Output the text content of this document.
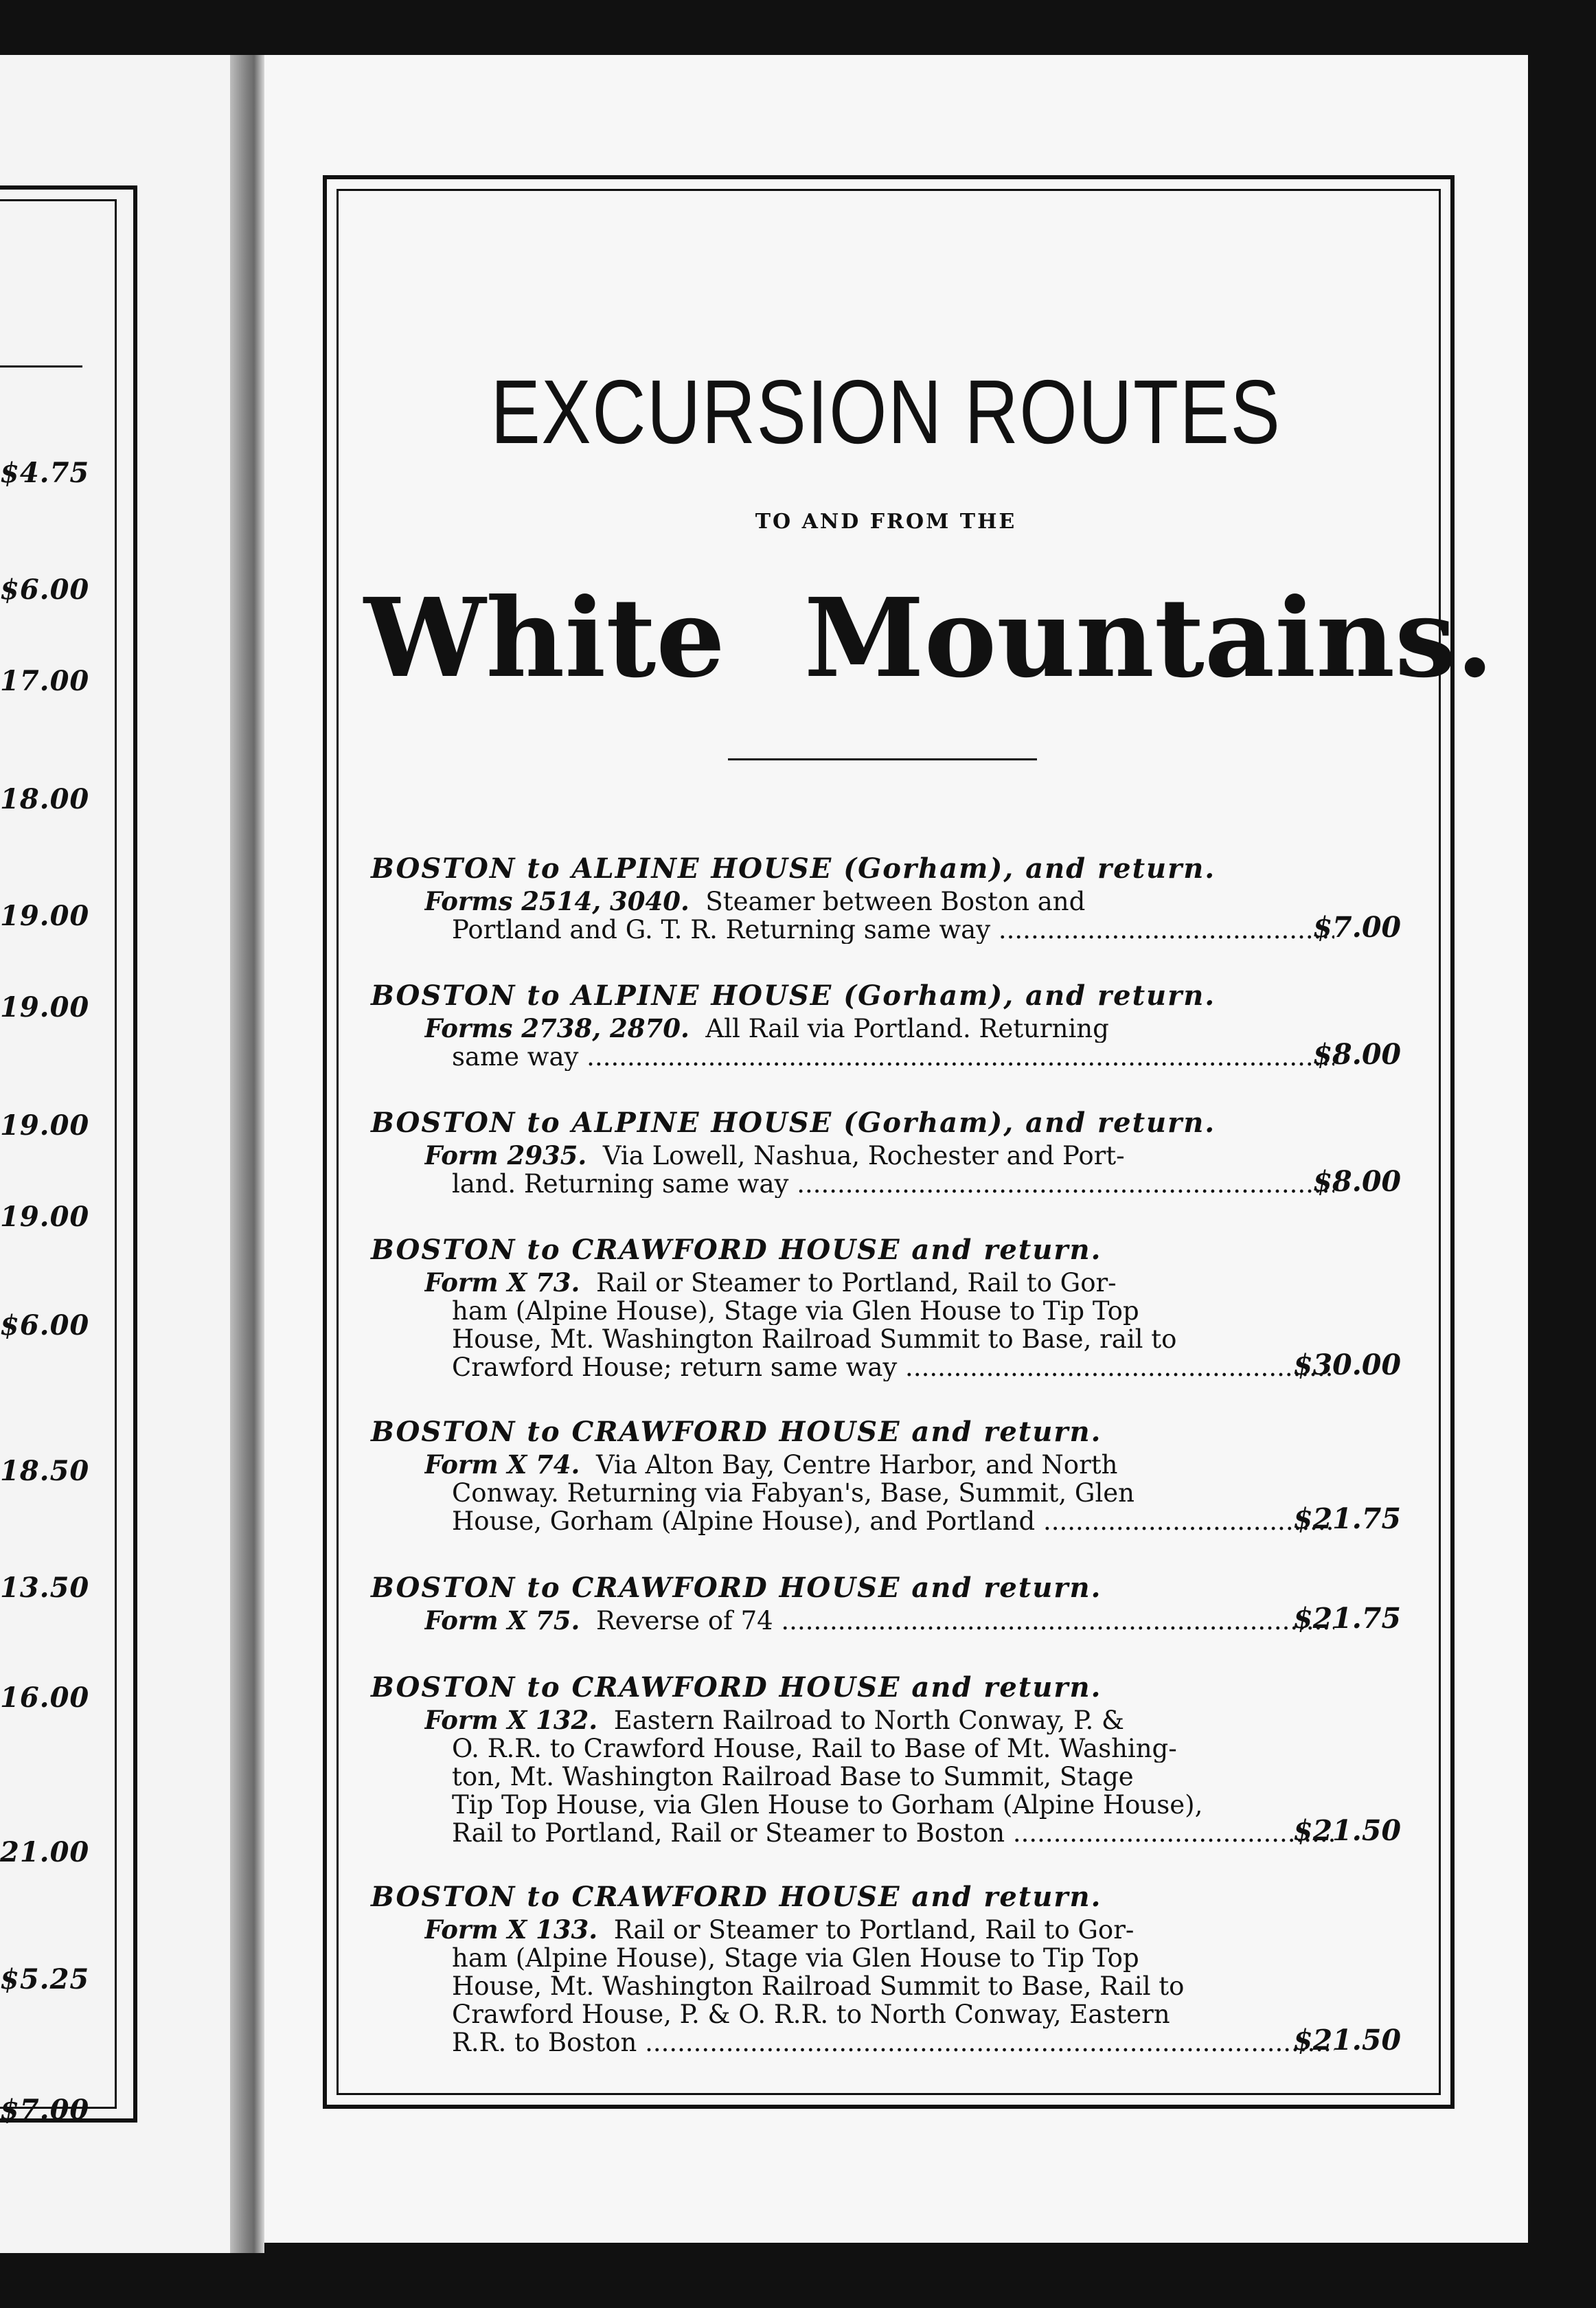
$4.75
$6.00
17.00
18.00
19.00
19.00
19.00
19.00
$6.00
18.50
13.50
16.00
21.00
$5.25
$7.00
EXCURSION ROUTES
TO AND FROM THE
White Mountains.
BOSTON to ALPINE HOUSE (Gorham), and return.
Forms 2514, 3040. Steamer between Boston and
Portland and G. T. R. Returning same way .....	$7.00
BOSTON to ALPINE HOUSE (Gorham), and return.
Forms 2738, 2870. All Rail via Portland. Returning
same way .....	$8.00
BOSTON to ALPINE HOUSE (Gorham), and return.
Form 2935. Via Lowell, Nashua, Rochester and Port-
land. Returning same way .....	$8.00
BOSTON to CRAWFORD HOUSE and return.
Form X 73. Rail or Steamer to Portland, Rail to Gor-
ham (Alpine House), Stage via Glen House to Tip Top
House, Mt. Washington Railroad Summit to Base, rail to
Crawford House; return same way .....	$30.00
BOSTON to CRAWFORD HOUSE and return.
Form X 74. Via Alton Bay, Centre Harbor, and North
Conway. Returning via Fabyan's, Base, Summit, Glen
House, Gorham (Alpine House), and Portland .....	$21.75
BOSTON to CRAWFORD HOUSE and return.
Form X 75. Reverse of 74 .....	$21.75
BOSTON to CRAWFORD HOUSE and return.
Form X 132. Eastern Railroad to North Conway, P. &
O. R.R. to Crawford House, Rail to Base of Mt. Washing-
ton, Mt. Washington Railroad Base to Summit, Stage
Tip Top House, via Glen House to Gorham (Alpine House),
Rail to Portland, Rail or Steamer to Boston .....	$21.50
BOSTON to CRAWFORD HOUSE and return.
Form X 133. Rail or Steamer to Portland, Rail to Gor-
ham (Alpine House), Stage via Glen House to Tip Top
House, Mt. Washington Railroad Summit to Base, Rail to
Crawford House, P. & O. R.R. to North Conway, Eastern
R.R. to Boston .....	$21.50
